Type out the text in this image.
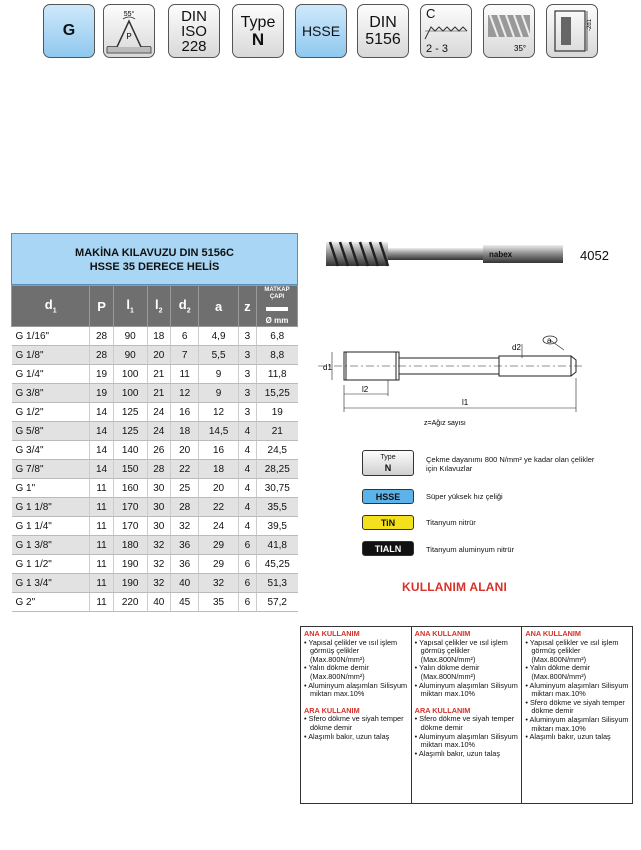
G
55°
P
DIN
ISO
228
Type
N	HSSE DIN
5156
C
2 - 3	35°
-2d1
MAKİNA KILAVUZU DIN 5156C
HSSE 35 DERECE HELİS
$d_1$	P	$l_1$	$l_2$	$d_2$	a	z	MATKAP ÇAPI
Ø mm

G 1/16"	28	90	18	6	4,9	3	6,8
G 1/8"	28	90	20	7	5,5	3	8,8
G 1/4"	19	100	21	11	9	3	11,8
G 3/8"	19	100	21	12	9	3	15,25
G 1/2"	14	125	24	16	12	3	19
G 5/8"	14	125	24	18	14,5	4	21
G 3/4"	14	140	26	20	16	4	24,5
G 7/8"	14	150	28	22	18	4	28,25
G 1"	11	160	30	25	20	4	30,75
G 1 1/8"	11	170	30	28	22	4	35,5
G 1 1/4"	11	170	30	32	24	4	39,5
G 1 3/8"	11	180	32	36	29	6	41,8
G 1 1/2"	11	190	32	36	29	6	45,25
G 1 3/4"	11	190	32	40	32	6	51,3
G 2"	11	220	40	45	35	6	57,2
nabex	4052
d1
d2
a
l2
l1
z=Ağız sayısı
Type
N
Çekme dayanımı 800 N/mm² ye kadar olan çelikler için Kılavuzlar
HSSE	Süper yüksek hız çeliği
TiN	Titanyum nitrür
TIALN	Titanyum aluminyum nitrür
KULLANIM ALANI
ANA KULLANIM
• Yapısal çelikler ve ısıl işlem görmüş çelikler (Max.800N/mm²)
• Yalın dökme demir (Max.800N/mm²)
• Aluminyum alaşımları Silisyum miktarı max.10%
ARA KULLANIM
• Sfero dökme ve siyah temper dökme demir
• Alaşımlı bakır, uzun talaş
ANA KULLANIM
• Yapısal çelikler ve ısıl işlem görmüş çelikler (Max.800N/mm²)
• Yalın dökme demir (Max.800N/mm²)
• Aluminyum alaşımları Silisyum miktarı max.10%
ARA KULLANIM
• Sfero dökme ve siyah temper dökme demir
• Aluminyum alaşımları Silisyum miktarı max.10%
• Alaşımlı bakır, uzun talaş
ANA KULLANIM
• Yapısal çelikler ve ısıl işlem görmüş çelikler (Max.800N/mm²)
• Yalın dökme demir (Max.800N/mm²)
• Aluminyum alaşımları Silisyum miktarı max.10%
• Sfero dökme ve siyah temper dökme demir
• Aluminyum alaşımları Silisyum miktarı max.10%
• Alaşımlı bakır, uzun talaş
